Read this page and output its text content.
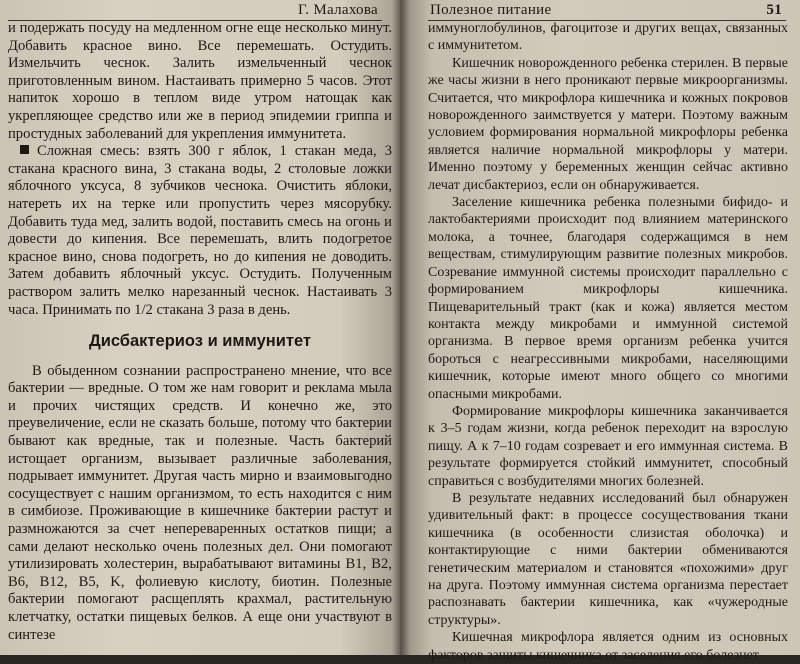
Г. Малахова

и подержать посуду на медленном огне еще несколько минут. Добавить красное вино. Все перемешать. Остудить. Измельчить чеснок. Залить измельченный чеснок приготовленным вином. Настаивать примерно 5 часов. Этот напиток хорошо в теплом виде утром натощак как укрепляющее средство или же в период эпидемии гриппа и простудных заболеваний для укрепления иммунитета.

Сложная смесь: взять 300 г яблок, 1 стакан меда, 3 стакана красного вина, 3 стакана воды, 2 столовые ложки яблочного уксуса, 8 зубчиков чеснока. Очистить яблоки, натереть их на терке или пропустить через мясорубку. Добавить туда мед, залить водой, поставить смесь на огонь и довести до кипения. Все перемешать, влить подогретое красное вино, снова подогреть, но до кипения не доводить. Затем добавить яблочный уксус. Остудить. Полученным раствором залить мелко нарезанный чеснок. Настаивать 3 часа. Принимать по 1/2 стакана 3 раза в день.

Дисбактериоз и иммунитет

В обыденном сознании распространено мнение, что все бактерии — вредные. О том же нам говорит и реклама мыла и прочих чистящих средств. И конечно же, это преувеличение, если не сказать больше, потому что бактерии бывают как вредные, так и полезные. Часть бактерий истощает организм, вызывает различные заболевания, подрывает иммунитет. Другая часть мирно и взаимовыгодно сосуществует с нашим организмом, то есть находится с ним в симбиозе. Проживающие в кишечнике бактерии растут и размножаются за счет непереваренных остатков пищи; а сами делают несколько очень полезных дел. Они помогают утилизировать холестерин, вырабатывают витамины B1, B2, B6, B12, B5, K, фолиевую кислоту, биотин. Полезные бактерии помогают расщеплять крахмал, растительную клетчатку, остатки пищевых белков. А еще они участвуют в синтезе

Полезное питание	51

иммуноглобулинов, фагоцитозе и других вещах, связанных с иммунитетом.

Кишечник новорожденного ребенка стерилен. В первые же часы жизни в него проникают первые микроорганизмы. Считается, что микрофлора кишечника и кожных покровов новорожденного заимствуется у матери. Поэтому важным условием формирования нормальной микрофлоры ребенка является наличие нормальной микрофлоры у матери. Именно поэтому у беременных женщин сейчас активно лечат дисбактериоз, если он обнаруживается.

Заселение кишечника ребенка полезными бифидо- и лактобактериями происходит под влиянием материнского молока, а точнее, благодаря содержащимся в нем веществам, стимулирующим развитие полезных микробов. Созревание иммунной системы происходит параллельно с формированием микрофлоры кишечника. Пищеварительный тракт (как и кожа) является местом контакта между микробами и иммунной системой организма. В первое время организм ребенка учится бороться с неагрессивными микробами, населяющими кишечник, которые имеют много общего со многими опасными микробами.

Формирование микрофлоры кишечника заканчивается к 3–5 годам жизни, когда ребенок переходит на взрослую пищу. А к 7–10 годам созревает и его иммунная система. В результате формируется стойкий иммунитет, способный справиться с возбудителями многих болезней.

В результате недавних исследований был обнаружен удивительный факт: в процессе сосуществования ткани кишечника (в особенности слизистая оболочка) и контактирующие с ними бактерии обмениваются генетическим материалом и становятся «похожими» друг на друга. Поэтому иммунная система организма перестает распознавать бактерии кишечника, как «чужеродные структуры».

Кишечная микрофлора является одним из основных факторов защиты кишечника от заселения его болезнет-
